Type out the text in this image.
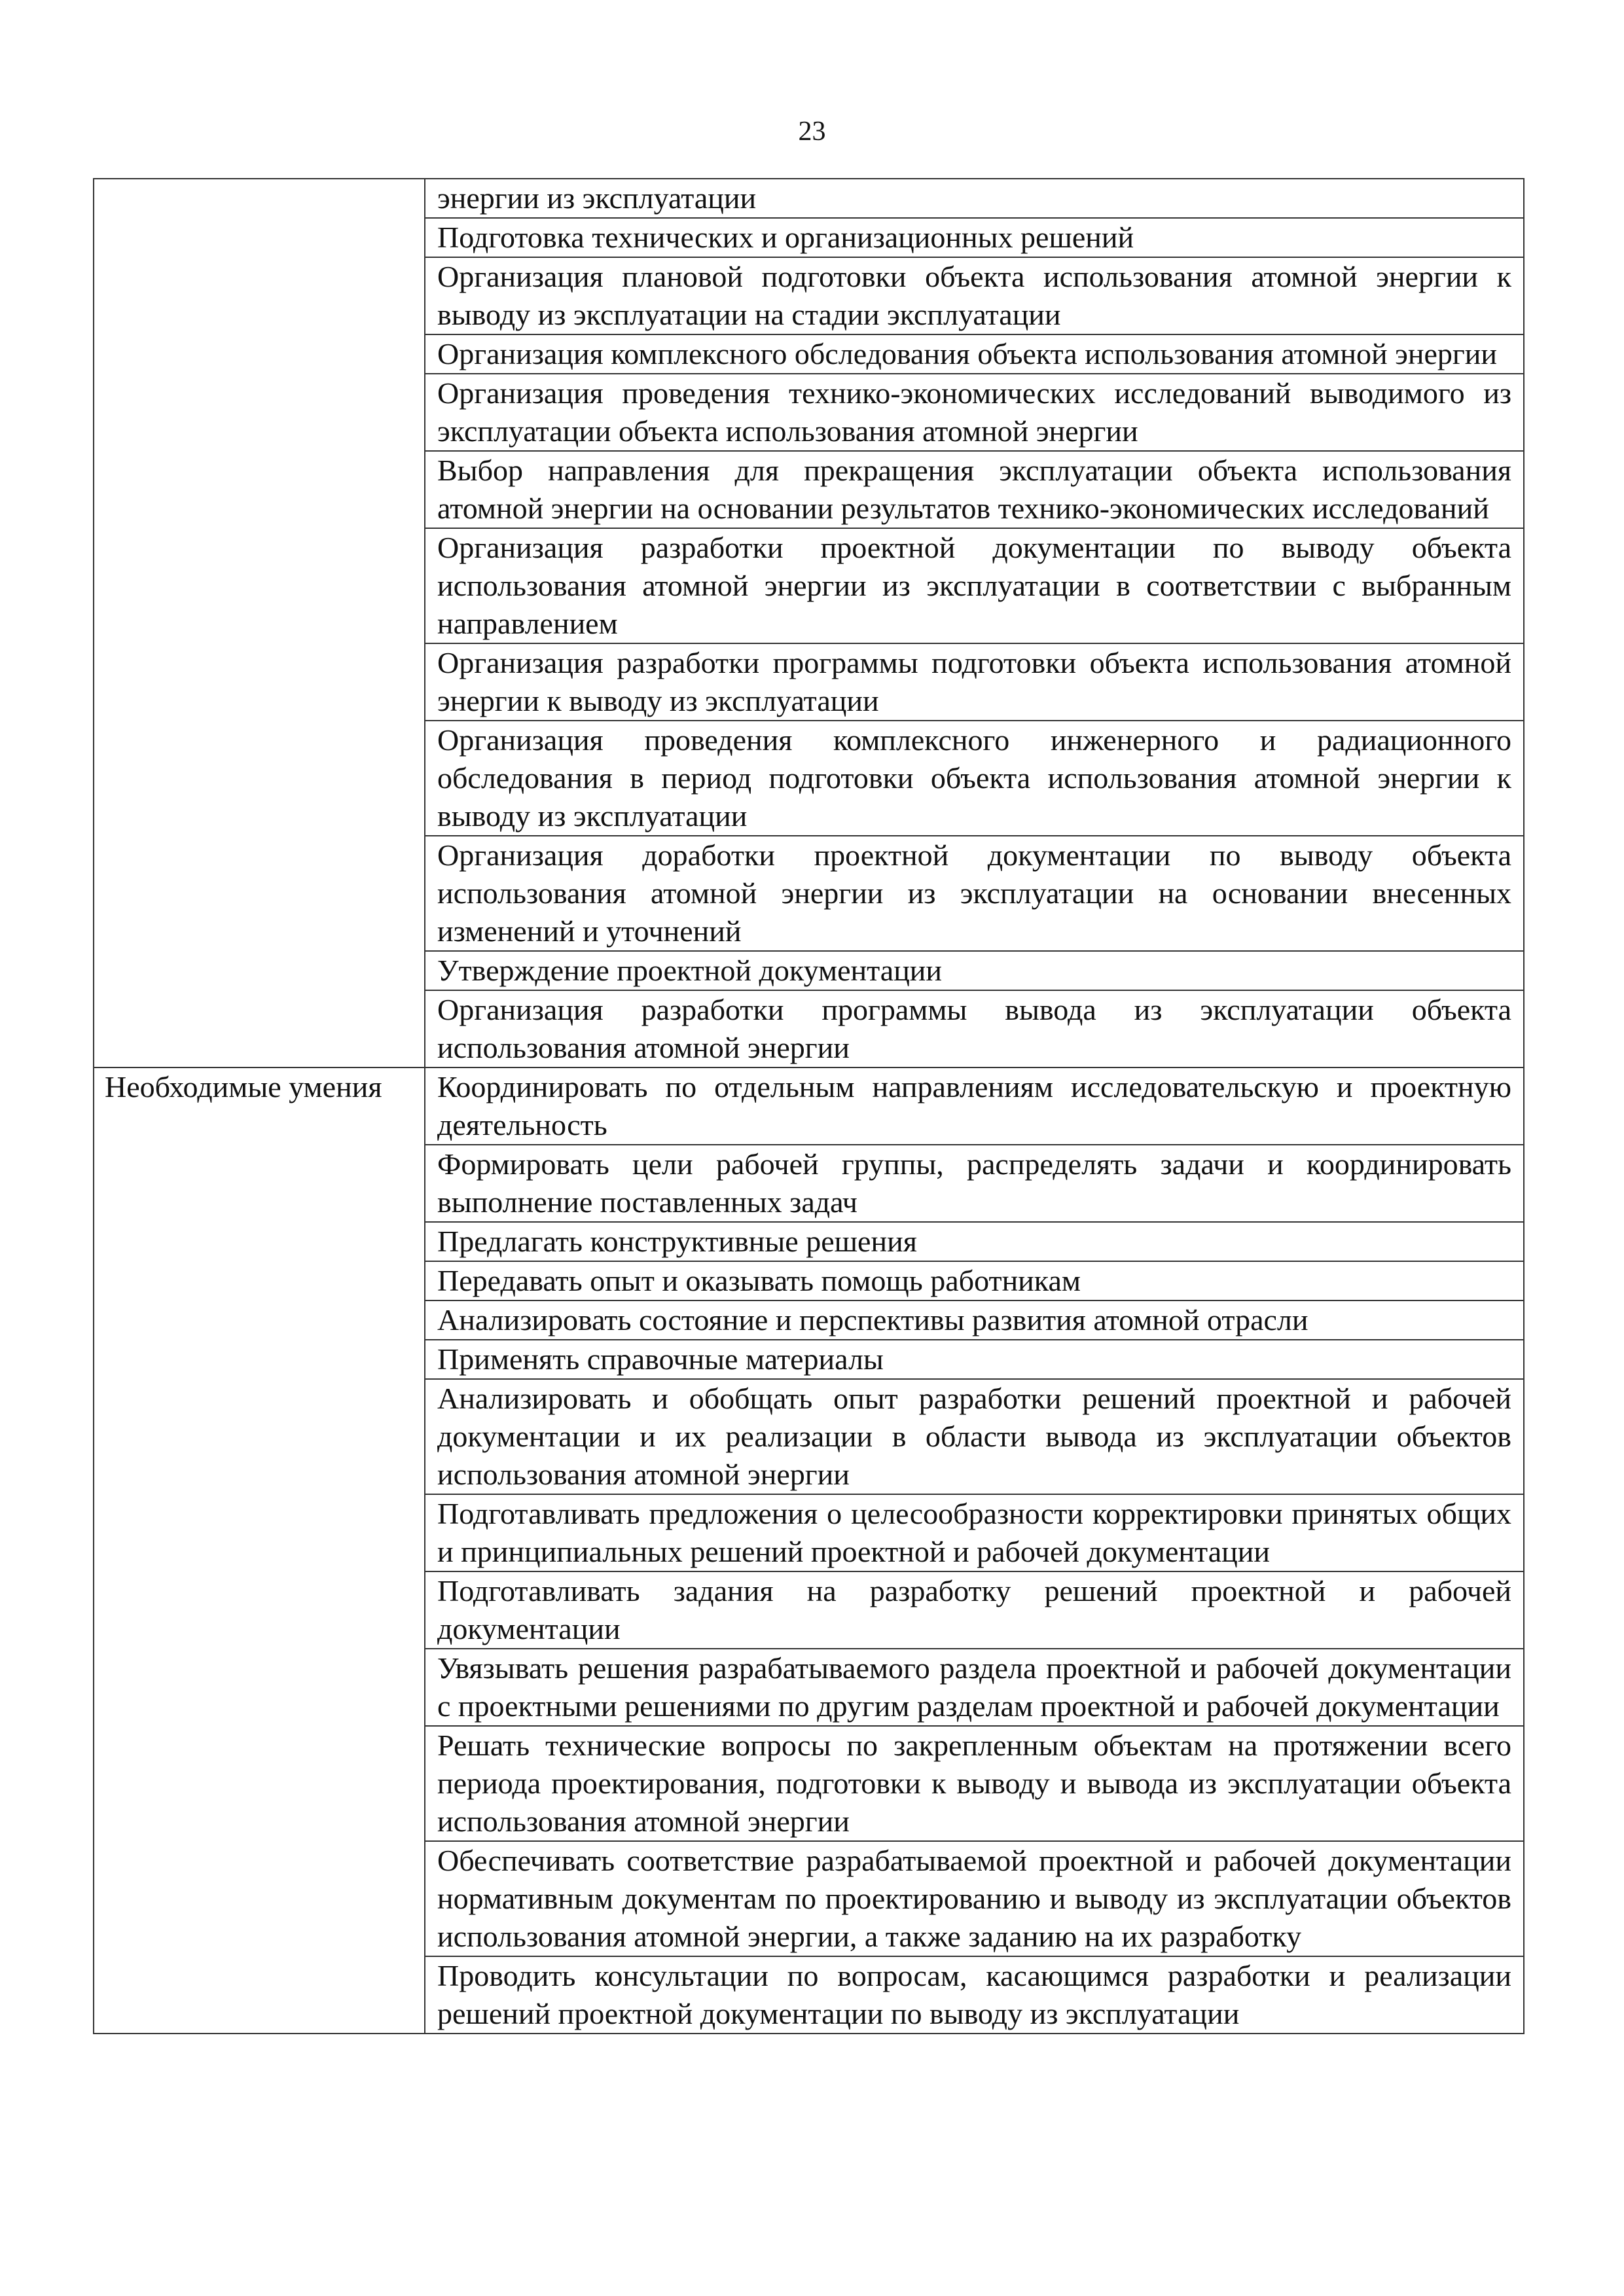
23
	энергии из эксплуатации
	Подготовка технических и организационных решений
	Организация плановой подготовки объекта использования атомной энергии к выводу из эксплуатации на стадии эксплуатации
	Организация комплексного обследования объекта использования атомной энергии
	Организация проведения технико-экономических исследований выводимого из эксплуатации объекта использования атомной энергии
	Выбор направления для прекращения эксплуатации объекта использования атомной энергии на основании результатов технико-экономических исследований
	Организация разработки проектной документации по выводу объекта использования атомной энергии из эксплуатации в соответствии с выбранным направлением
	Организация разработки программы подготовки объекта использования атомной энергии к выводу из эксплуатации
	Организация проведения комплексного инженерного и радиационного обследования в период подготовки объекта использования атомной энергии к выводу из эксплуатации
	Организация доработки проектной документации по выводу объекта использования атомной энергии из эксплуатации на основании внесенных изменений и уточнений
	Утверждение проектной документации
	Организация разработки программы вывода из эксплуатации объекта использования атомной энергии
Необходимые умения	Координировать по отдельным направлениям исследовательскую и проектную деятельность
	Формировать цели рабочей группы, распределять задачи и координировать выполнение поставленных задач
	Предлагать конструктивные решения
	Передавать опыт и оказывать помощь работникам
	Анализировать состояние и перспективы развития атомной отрасли
	Применять справочные материалы
	Анализировать и обобщать опыт разработки решений проектной и рабочей документации и их реализации в области вывода из эксплуатации объектов использования атомной энергии
	Подготавливать предложения о целесообразности корректировки принятых общих и принципиальных решений проектной и рабочей документации
	Подготавливать задания на разработку решений проектной и рабочей документации
	Увязывать решения разрабатываемого раздела проектной и рабочей документации с проектными решениями по другим разделам проектной и рабочей документации
	Решать технические вопросы по закрепленным объектам на протяжении всего периода проектирования, подготовки к выводу и вывода из эксплуатации объекта использования атомной энергии
	Обеспечивать соответствие разрабатываемой проектной и рабочей документации нормативным документам по проектированию и выводу из эксплуатации объектов использования атомной энергии, а также заданию на их разработку
	Проводить консультации по вопросам, касающимся разработки и реализации решений проектной документации по выводу из эксплуатации
